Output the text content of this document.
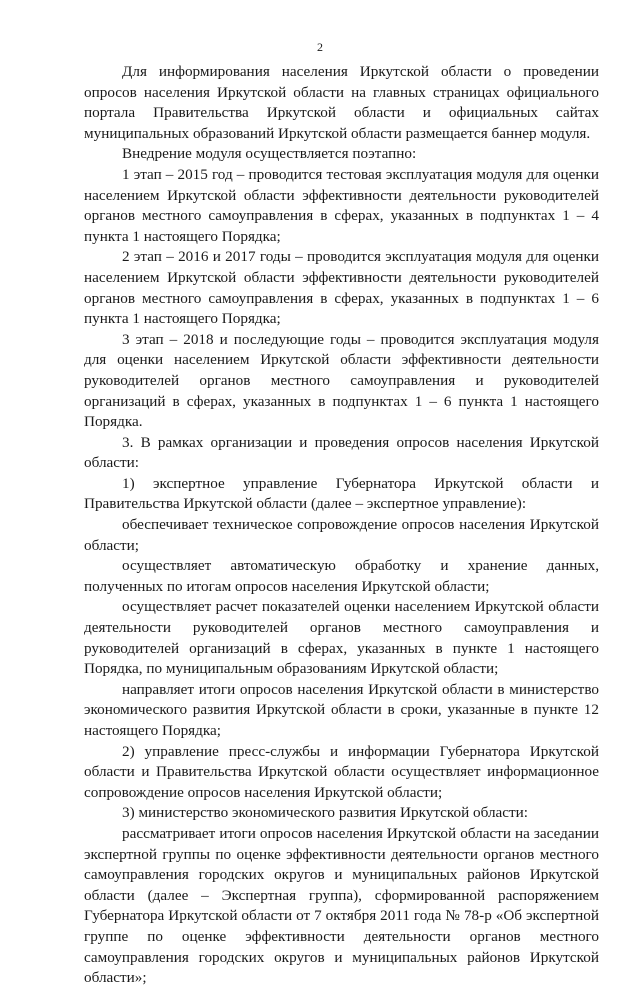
2

Для информирования населения Иркутской области о проведении опросов населения Иркутской области на главных страницах официального портала Правительства Иркутской области и официальных сайтах муниципальных образований Иркутской области размещается баннер модуля.

Внедрение модуля осуществляется поэтапно:

1 этап – 2015 год – проводится тестовая эксплуатация модуля для оценки населением Иркутской области эффективности деятельности руководителей органов местного самоуправления в сферах, указанных в подпунктах 1 – 4 пункта 1 настоящего Порядка;

2 этап – 2016 и 2017 годы – проводится эксплуатация модуля для оценки населением Иркутской области эффективности деятельности руководителей органов местного самоуправления в сферах, указанных в подпунктах 1 – 6 пункта 1 настоящего Порядка;

3 этап – 2018 и последующие годы – проводится эксплуатация модуля для оценки населением Иркутской области эффективности деятельности руководителей органов местного самоуправления и руководителей организаций в сферах, указанных в подпунктах 1 – 6 пункта 1 настоящего Порядка.

3. В рамках организации и проведения опросов населения Иркутской области:

1) экспертное управление Губернатора Иркутской области и Правительства Иркутской области (далее – экспертное управление):

обеспечивает техническое сопровождение опросов населения Иркутской области;

осуществляет автоматическую обработку и хранение данных, полученных по итогам опросов населения Иркутской области;

осуществляет расчет показателей оценки населением Иркутской области деятельности руководителей органов местного самоуправления и руководителей организаций в сферах, указанных в пункте 1 настоящего Порядка, по муниципальным образованиям Иркутской области;

направляет итоги опросов населения Иркутской области в министерство экономического развития Иркутской области в сроки, указанные в пункте 12 настоящего Порядка;

2) управление пресс-службы и информации Губернатора Иркутской области и Правительства Иркутской области осуществляет информационное сопровождение опросов населения Иркутской области;

3) министерство экономического развития Иркутской области:

рассматривает итоги опросов населения Иркутской области на заседании экспертной группы по оценке эффективности деятельности органов местного самоуправления городских округов и муниципальных районов Иркутской области (далее – Экспертная группа), сформированной распоряжением Губернатора Иркутской области от 7 октября 2011 года № 78-р «Об экспертной группе по оценке эффективности деятельности органов местного самоуправления городских округов и муниципальных районов Иркутской области»;
